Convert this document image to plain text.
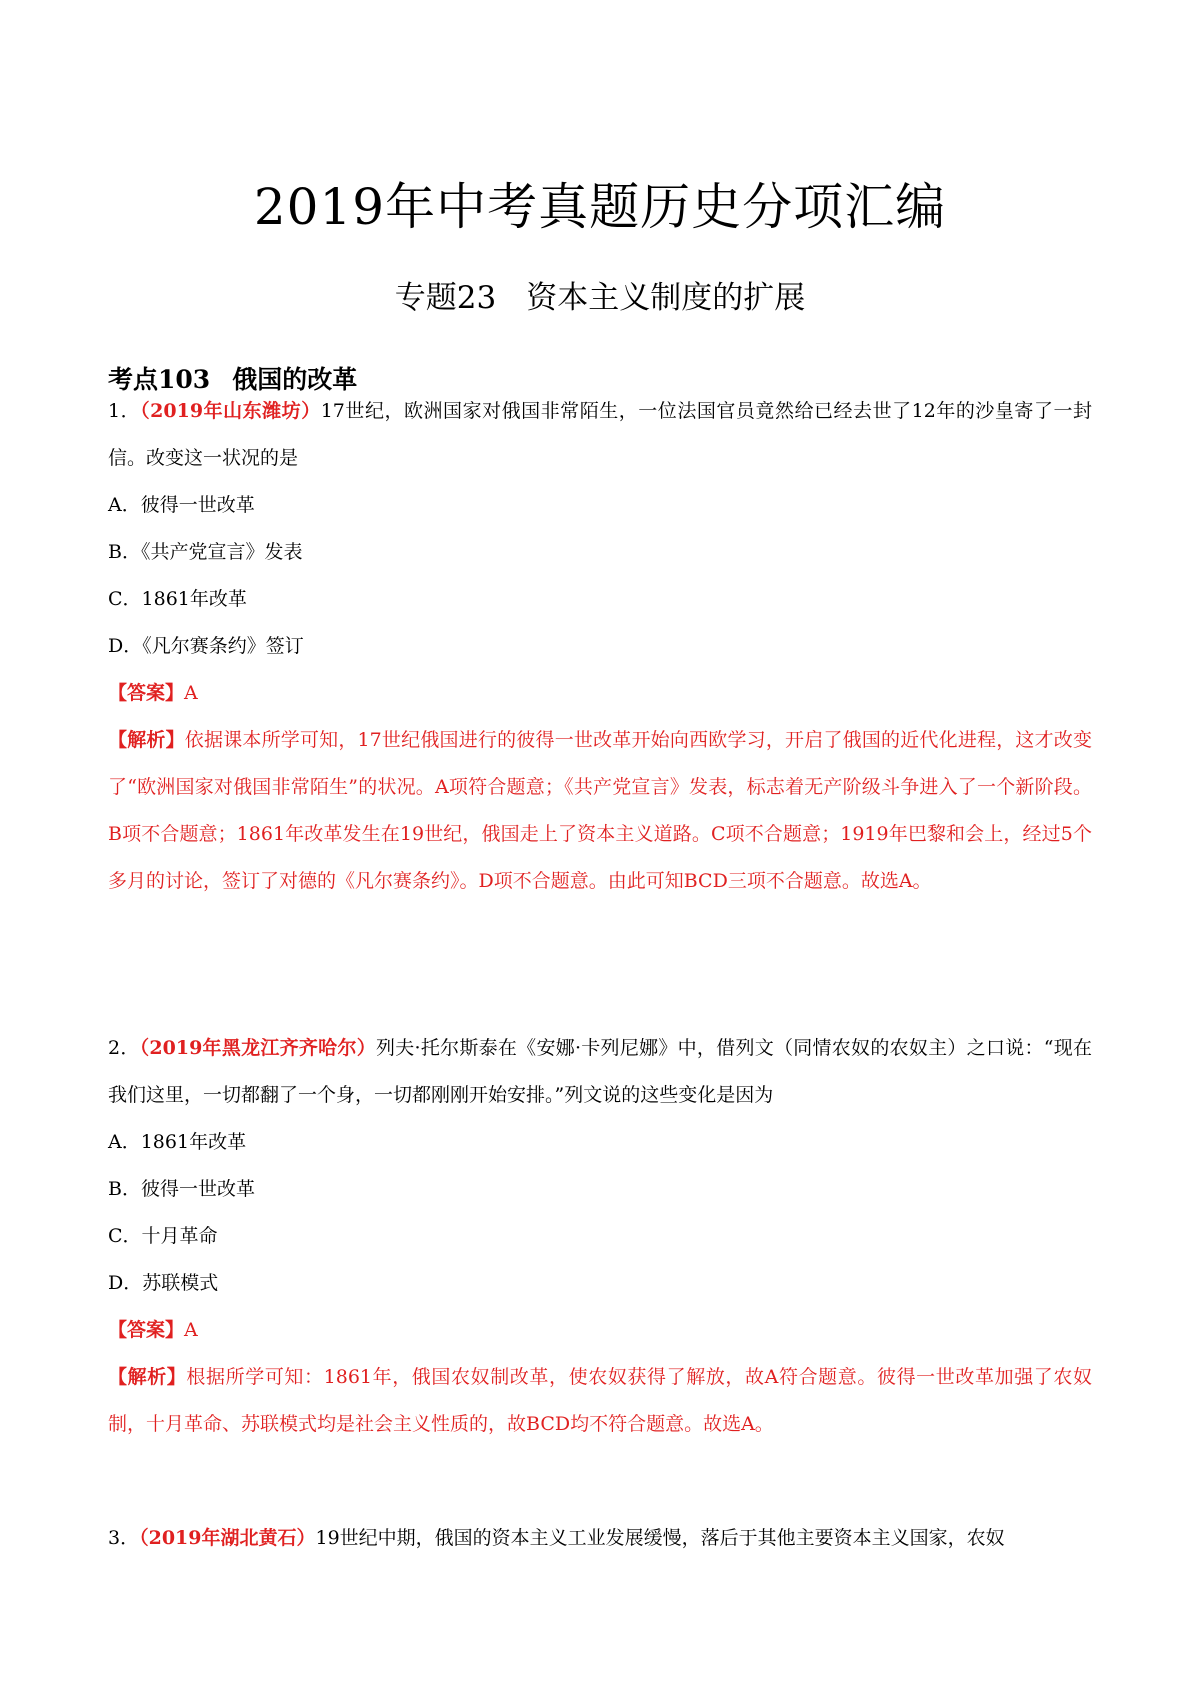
2019年中考真题历史分项汇编
专题23 资本主义制度的扩展
考点103 俄国的改革

1．（2019年山东潍坊）17世纪，欧洲国家对俄国非常陌生，一位法国官员竟然给已经去世了12年的沙皇寄了一封信。改变这一状况的是

A．彼得一世改革

B．《共产党宣言》发表

C．1861年改革

D．《凡尔赛条约》签订

【答案】A

【解析】依据课本所学可知，17世纪俄国进行的彼得一世改革开始向西欧学习，开启了俄国的近代化进程，这才改变了“欧洲国家对俄国非常陌生”的状况。A项符合题意；《共产党宣言》发表，标志着无产阶级斗争进入了一个新阶段。B项不合题意；1861年改革发生在19世纪，俄国走上了资本主义道路。C项不合题意；1919年巴黎和会上，经过5个多月的讨论，签订了对德的《凡尔赛条约》。D项不合题意。由此可知BCD三项不合题意。故选A。

2．（2019年黑龙江齐齐哈尔）列夫·托尔斯泰在《安娜·卡列尼娜》中，借列文（同情农奴的农奴主）之口说：“现在我们这里，一切都翻了一个身，一切都刚刚开始安排。”列文说的这些变化是因为

A．1861年改革

B．彼得一世改革

C．十月革命

D．苏联模式

【答案】A

【解析】根据所学可知：1861年，俄国农奴制改革，使农奴获得了解放，故A符合题意。彼得一世改革加强了农奴制，十月革命、苏联模式均是社会主义性质的，故BCD均不符合题意。故选A。

3．（2019年湖北黄石）19世纪中期，俄国的资本主义工业发展缓慢，落后于其他主要资本主义国家，农奴
